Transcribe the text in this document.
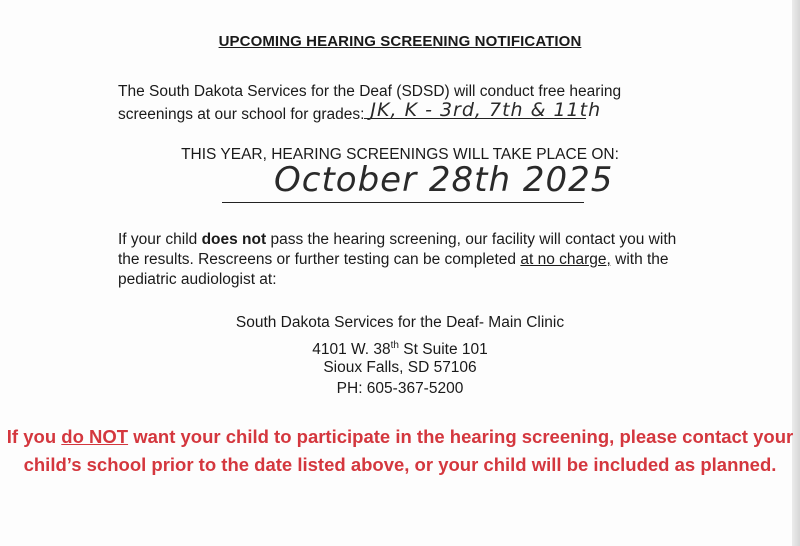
UPCOMING HEARING SCREENING NOTIFICATION
The South Dakota Services for the Deaf (SDSD) will conduct free hearing
screenings at our school for grades: JK, K - 3rd, 7th & 11th
THIS YEAR, HEARING SCREENINGS WILL TAKE PLACE ON:
October 28th 2025
If your child does not pass the hearing screening, our facility will contact you with the results. Rescreens or further testing can be completed at no charge, with the pediatric audiologist at:
South Dakota Services for the Deaf- Main Clinic
4101 W. 38th St Suite 101
Sioux Falls, SD 57106
PH: 605-367-5200
If you do NOT want your child to participate in the hearing screening, please contact your child’s school prior to the date listed above, or your child will be included as planned.
